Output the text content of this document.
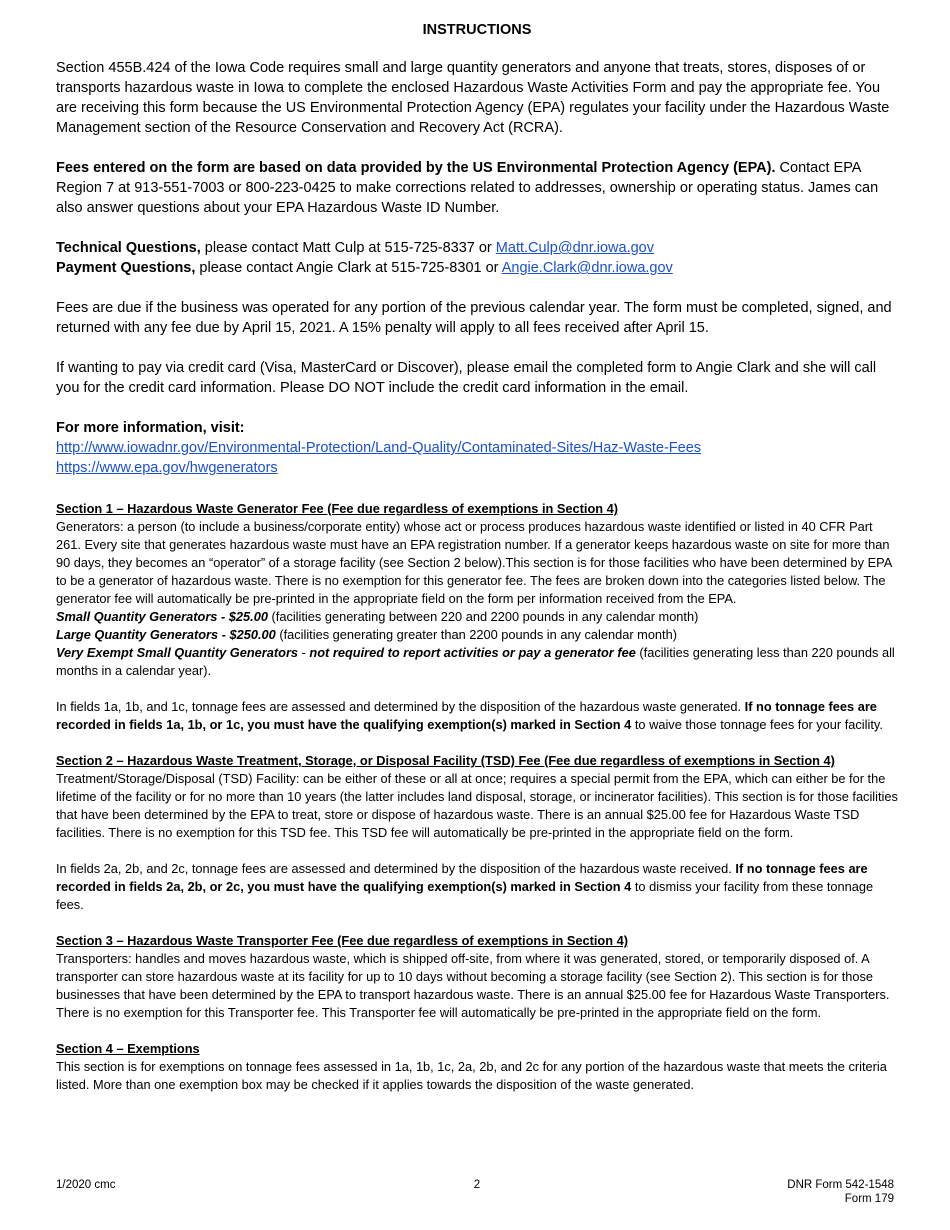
INSTRUCTIONS

Section 455B.424 of the Iowa Code requires small and large quantity generators and anyone that treats, stores, disposes of or transports hazardous waste in Iowa to complete the enclosed Hazardous Waste Activities Form and pay the appropriate fee. You are receiving this form because the US Environmental Protection Agency (EPA) regulates your facility under the Hazardous Waste Management section of the Resource Conservation and Recovery Act (RCRA).

Fees entered on the form are based on data provided by the US Environmental Protection Agency (EPA). Contact EPA Region 7 at 913-551-7003 or 800-223-0425 to make corrections related to addresses, ownership or operating status. James can also answer questions about your EPA Hazardous Waste ID Number.

Technical Questions, please contact Matt Culp at 515-725-8337 or Matt.Culp@dnr.iowa.gov

Payment Questions, please contact Angie Clark at 515-725-8301 or Angie.Clark@dnr.iowa.gov

Fees are due if the business was operated for any portion of the previous calendar year. The form must be completed, signed, and returned with any fee due by April 15, 2021. A 15% penalty will apply to all fees received after April 15.

If wanting to pay via credit card (Visa, MasterCard or Discover), please email the completed form to Angie Clark and she will call you for the credit card information. Please DO NOT include the credit card information in the email.

For more information, visit:

http://www.iowadnr.gov/Environmental-Protection/Land-Quality/Contaminated-Sites/Haz-Waste-Fees

https://www.epa.gov/hwgenerators

Section 1 – Hazardous Waste Generator Fee (Fee due regardless of exemptions in Section 4)

Generators: a person (to include a business/corporate entity) whose act or process produces hazardous waste identified or listed in 40 CFR Part 261. Every site that generates hazardous waste must have an EPA registration number. If a generator keeps hazardous waste on site for more than 90 days, they becomes an “operator” of a storage facility (see Section 2 below).This section is for those facilities who have been determined by EPA to be a generator of hazardous waste. There is no exemption for this generator fee. The fees are broken down into the categories listed below. The generator fee will automatically be pre-printed in the appropriate field on the form per information received from the EPA.

Small Quantity Generators - $25.00 (facilities generating between 220 and 2200 pounds in any calendar month)

Large Quantity Generators - $250.00 (facilities generating greater than 2200 pounds in any calendar month)

Very Exempt Small Quantity Generators - not required to report activities or pay a generator fee (facilities generating less than 220 pounds all months in a calendar year).

In fields 1a, 1b, and 1c, tonnage fees are assessed and determined by the disposition of the hazardous waste generated. If no tonnage fees are recorded in fields 1a, 1b, or 1c, you must have the qualifying exemption(s) marked in Section 4 to waive those tonnage fees for your facility.

Section 2 – Hazardous Waste Treatment, Storage, or Disposal Facility (TSD) Fee (Fee due regardless of exemptions in Section 4)

Treatment/Storage/Disposal (TSD) Facility: can be either of these or all at once; requires a special permit from the EPA, which can either be for the lifetime of the facility or for no more than 10 years (the latter includes land disposal, storage, or incinerator facilities). This section is for those facilities that have been determined by the EPA to treat, store or dispose of hazardous waste. There is an annual $25.00 fee for Hazardous Waste TSD facilities. There is no exemption for this TSD fee. This TSD fee will automatically be pre-printed in the appropriate field on the form.

In fields 2a, 2b, and 2c, tonnage fees are assessed and determined by the disposition of the hazardous waste received. If no tonnage fees are recorded in fields 2a, 2b, or 2c, you must have the qualifying exemption(s) marked in Section 4 to dismiss your facility from these tonnage fees.

Section 3 – Hazardous Waste Transporter Fee (Fee due regardless of exemptions in Section 4)

Transporters: handles and moves hazardous waste, which is shipped off-site, from where it was generated, stored, or temporarily disposed of. A transporter can store hazardous waste at its facility for up to 10 days without becoming a storage facility (see Section 2). This section is for those businesses that have been determined by the EPA to transport hazardous waste. There is an annual $25.00 fee for Hazardous Waste Transporters. There is no exemption for this Transporter fee. This Transporter fee will automatically be pre-printed in the appropriate field on the form.

Section 4 – Exemptions

This section is for exemptions on tonnage fees assessed in 1a, 1b, 1c, 2a, 2b, and 2c for any portion of the hazardous waste that meets the criteria listed. More than one exemption box may be checked if it applies towards the disposition of the waste generated.

1/2020 cmc	2	DNR Form 542-1548
Form 179
